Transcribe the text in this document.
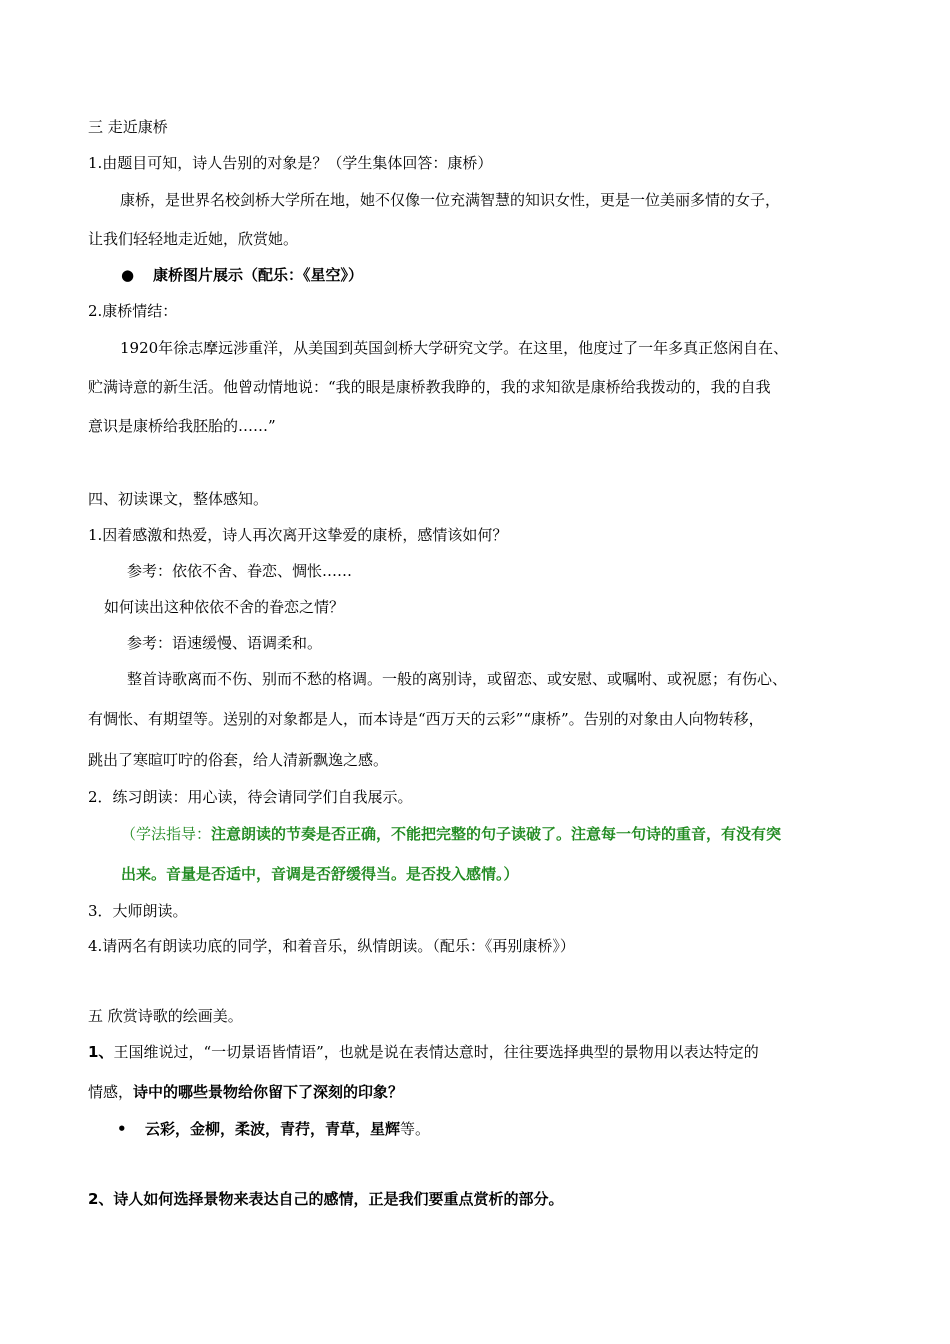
三 走近康桥
1.由题目可知，诗人告别的对象是？（学生集体回答：康桥）
康桥，是世界名校剑桥大学所在地，她不仅像一位充满智慧的知识女性，更是一位美丽多情的女子，
让我们轻轻地走近她，欣赏她。
● 康桥图片展示（配乐：《星空》）
2.康桥情结：
1920年徐志摩远涉重洋，从美国到英国剑桥大学研究文学。在这里，他度过了一年多真正悠闲自在、
贮满诗意的新生活。他曾动情地说：“我的眼是康桥教我睁的，我的求知欲是康桥给我拨动的，我的自我
意识是康桥给我胚胎的……”
四、初读课文，整体感知。
1.因着感激和热爱，诗人再次离开这挚爱的康桥，感情该如何？
参考：依依不舍、眷恋、惆怅……
如何读出这种依依不舍的眷恋之情？
参考：语速缓慢、语调柔和。
整首诗歌离而不伤、别而不愁的格调。一般的离别诗，或留恋、或安慰、或嘱咐、或祝愿；有伤心、
有惆怅、有期望等。送别的对象都是人，而本诗是“西万天的云彩”“康桥”。告别的对象由人向物转移，
跳出了寒暄叮咛的俗套，给人清新飘逸之感。
2．练习朗读：用心读，待会请同学们自我展示。
（学法指导：注意朗读的节奏是否正确，不能把完整的句子读破了。注意每一句诗的重音，有没有突
出来。音量是否适中，音调是否舒缓得当。是否投入感情。）
3．大师朗读。
4.请两名有朗读功底的同学，和着音乐，纵情朗读。（配乐：《再别康桥》）
五 欣赏诗歌的绘画美。
1、王国维说过，“一切景语皆情语”，也就是说在表情达意时，往往要选择典型的景物用以表达特定的
情感，诗中的哪些景物给你留下了深刻的印象？
• 云彩，金柳，柔波，青荇，青草，星辉等。
2、诗人如何选择景物来表达自己的感情，正是我们要重点赏析的部分。
